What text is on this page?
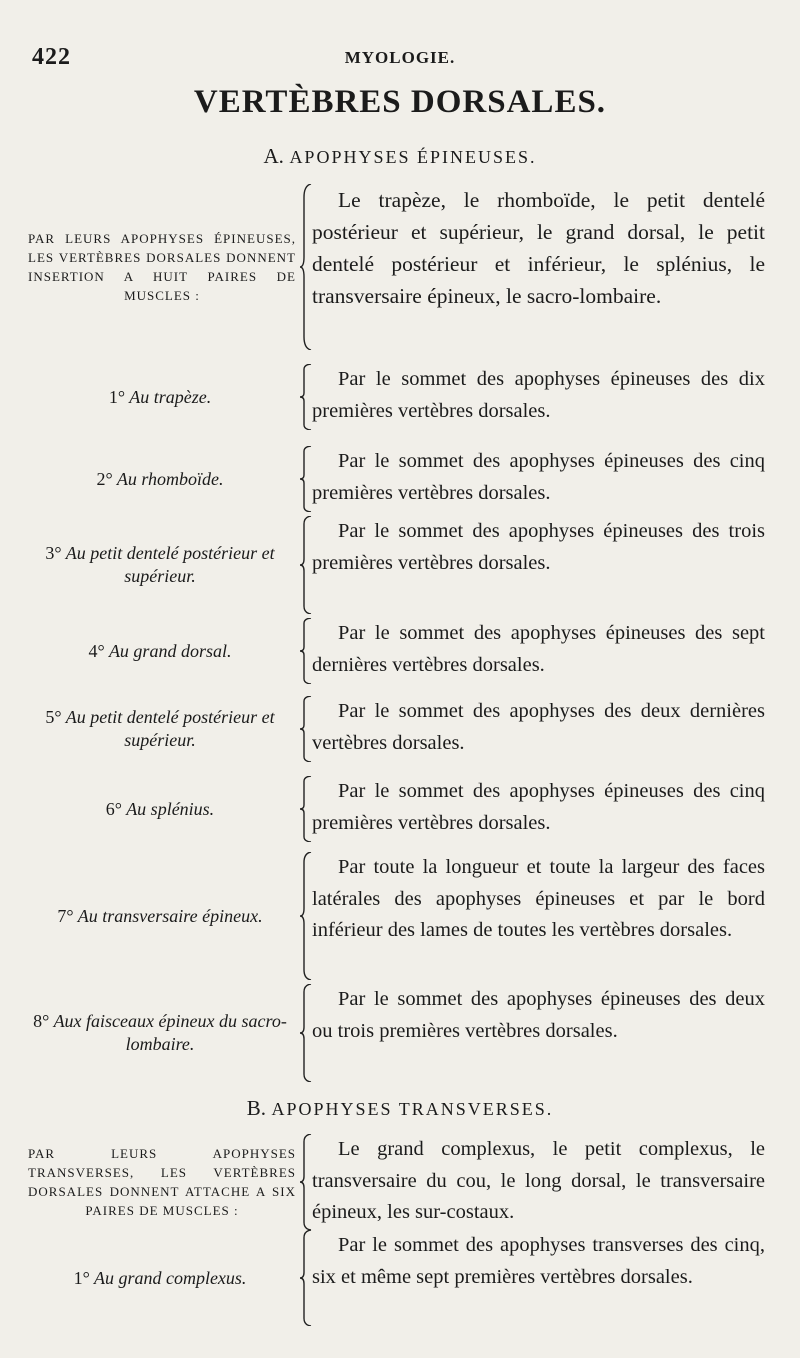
422	MYOLOGIE.
VERTÈBRES DORSALES.
A. APOPHYSES ÉPINEUSES.
PAR LEURS APOPHYSES ÉPINEUSES, LES VERTÈBRES DORSALES DONNENT INSERTION A HUIT PAIRES DE MUSCLES :
Le trapèze, le rhomboïde, le petit dentelé postérieur et supérieur, le grand dorsal, le petit dentelé postérieur et inférieur, le splénius, le transversaire épineux, le sacro-lombaire.
1° Au trapèze.
Par le sommet des apophyses épineuses des dix premières vertèbres dorsales.
2° Au rhomboïde.
Par le sommet des apophyses épineuses des cinq premières vertèbres dorsales.
3° Au petit dentelé postérieur et supérieur.
Par le sommet des apophyses épineuses des trois premières vertèbres dorsales.
4° Au grand dorsal.
Par le sommet des apophyses épineuses des sept dernières vertèbres dorsales.
5° Au petit dentelé postérieur et supérieur.
Par le sommet des apophyses des deux dernières vertèbres dorsales.
6° Au splénius.
Par le sommet des apophyses épineuses des cinq premières vertèbres dorsales.
7° Au transversaire épineux.
Par toute la longueur et toute la largeur des faces latérales des apophyses épineuses et par le bord inférieur des lames de toutes les vertèbres dorsales.
8° Aux faisceaux épineux du sacro-lombaire.
Par le sommet des apophyses épineuses des deux ou trois premières vertèbres dorsales.
B. APOPHYSES TRANSVERSES.
PAR LEURS APOPHYSES TRANSVERSES, LES VERTÈBRES DORSALES DONNENT ATTACHE A SIX PAIRES DE MUSCLES :
Le grand complexus, le petit complexus, le transversaire du cou, le long dorsal, le transversaire épineux, les sur-costaux.
1° Au grand complexus.
Par le sommet des apophyses transverses des cinq, six et même sept premières vertèbres dorsales.
